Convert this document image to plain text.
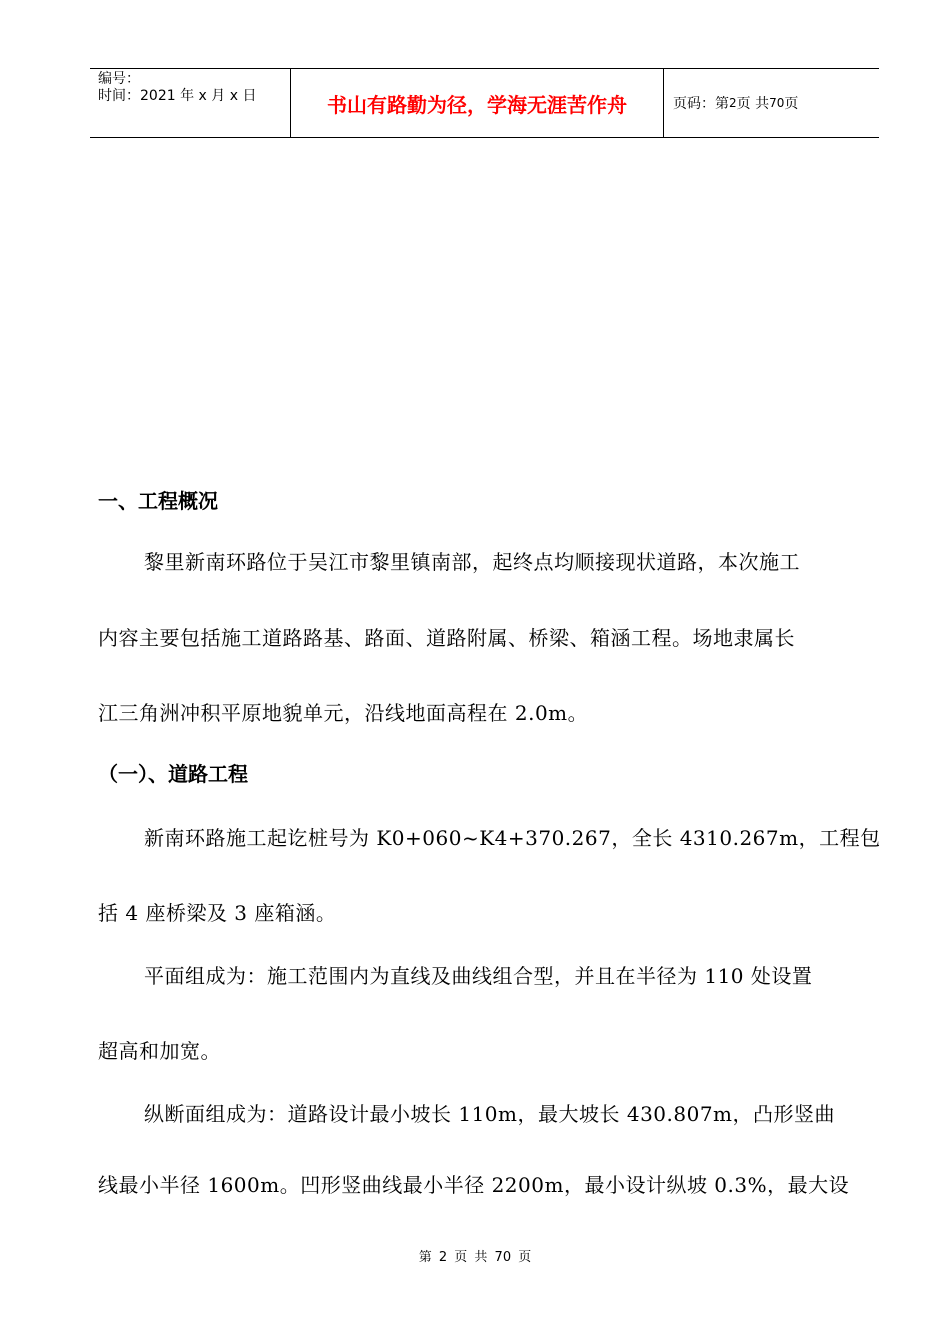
编号：
时间：2021 年 x 月 x 日	书山有路勤为径，学海无涯苦作舟	页码：第 2 页 共 70 页
一、工程概况
黎里新南环路位于吴江市黎里镇南部，起终点均顺接现状道路，本次施工
内容主要包括施工道路路基、路面、道路附属、桥梁、箱涵工程。场地隶属长
江三角洲冲积平原地貌单元，沿线地面高程在 2.0m。
（一）、道路工程
新南环路施工起讫桩号为 K0+060~K4+370.267，全长 4310.267m，工程包
括 4 座桥梁及 3 座箱涵。
平面组成为：施工范围内为直线及曲线组合型，并且在半径为 110 处设置
超高和加宽。
纵断面组成为：道路设计最小坡长 110m，最大坡长 430.807m，凸形竖曲
线最小半径 1600m。凹形竖曲线最小半径 2200m，最小设计纵坡 0.3%，最大设
第 2 页 共 70 页
